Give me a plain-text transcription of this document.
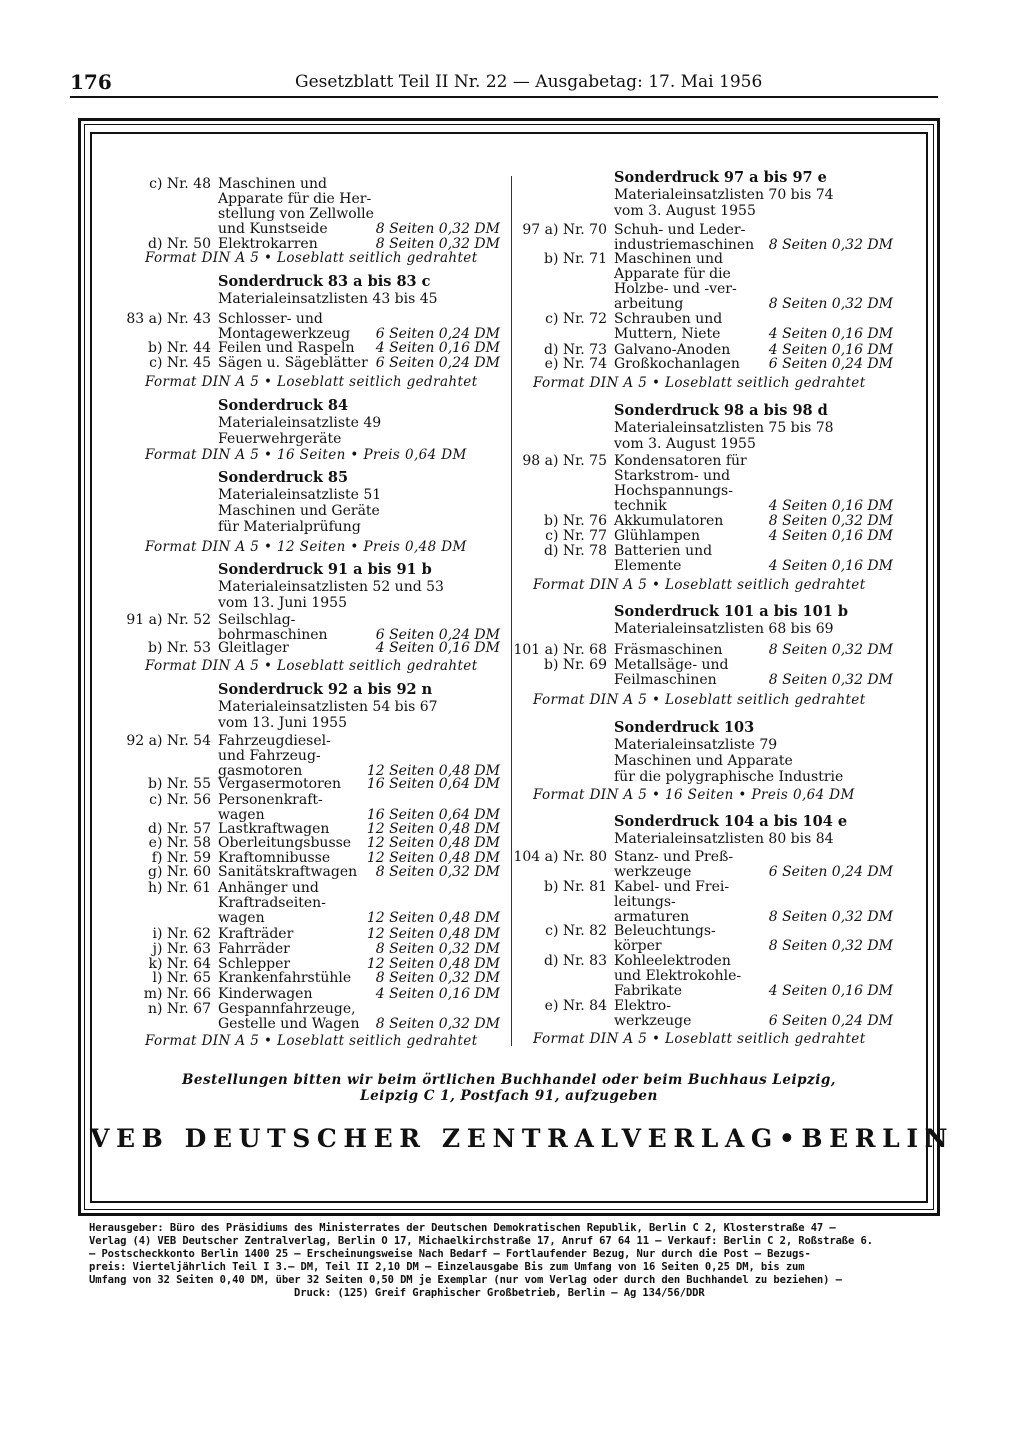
176	Gesetzblatt Teil II Nr. 22 — Ausgabetag: 17. Mai 1956
c) Nr. 48 Maschinen und
Apparate für die Her-
stellung von Zellwolle
und Kunstseide	8 Seiten 0,32 DM
d) Nr. 50 Elektrokarren	8 Seiten 0,32 DM
Format DIN A 5 • Loseblatt seitlich gedrahtet
Sonderdruck 83 a bis 83 c
Materialeinsatzlisten 43 bis 45
83 a) Nr. 43 Schlosser- und
Montagewerkzeug 6 Seiten 0,24 DM
b) Nr. 44 Feilen und Raspeln 4 Seiten 0,16 DM
c) Nr. 45 Sägen u. Sägeblätter 6 Seiten 0,24 DM
Format DIN A 5 • Loseblatt seitlich gedrahtet
Sonderdruck 84
Materialeinsatzliste 49
Feuerwehrgeräte
Format DIN A 5 • 16 Seiten • Preis 0,64 DM
Sonderdruck 85
Materialeinsatzliste 51
Maschinen und Geräte
für Materialprüfung
Format DIN A 5 • 12 Seiten • Preis 0,48 DM
Sonderdruck 91 a bis 91 b
Materialeinsatzlisten 52 und 53
vom 13. Juni 1955
91 a) Nr. 52 Seilschlag-
bohrmaschinen	6 Seiten 0,24 DM
b) Nr. 53 Gleitlager	4 Seiten 0,16 DM
Format DIN A 5 • Loseblatt seitlich gedrahtet
Sonderdruck 92 a bis 92 n
Materialeinsatzlisten 54 bis 67
vom 13. Juni 1955
92 a) Nr. 54 Fahrzeugdiesel-
und Fahrzeug-
gasmotoren	12 Seiten 0,48 DM
b) Nr. 55 Vergasermotoren 16 Seiten 0,64 DM
c) Nr. 56 Personenkraft-
wagen	16 Seiten 0,64 DM
d) Nr. 57 Lastkraftwagen	12 Seiten 0,48 DM
e) Nr. 58 Oberleitungsbusse 12 Seiten 0,48 DM
f) Nr. 59 Kraftomnibusse	12 Seiten 0,48 DM
g) Nr. 60 Sanitätskraftwagen 8 Seiten 0,32 DM
h) Nr. 61 Anhänger und
Kraftradseiten-
wagen	12 Seiten 0,48 DM
i) Nr. 62 Krafträder	12 Seiten 0,48 DM
j) Nr. 63 Fahrräder	8 Seiten 0,32 DM
k) Nr. 64 Schlepper	12 Seiten 0,48 DM
l) Nr. 65 Krankenfahrstühle 8 Seiten 0,32 DM
m) Nr. 66 Kinderwagen	4 Seiten 0,16 DM
n) Nr. 67 Gespannfahrzeuge,
Gestelle und Wagen 8 Seiten 0,32 DM
Format DIN A 5 • Loseblatt seitlich gedrahtet
Sonderdruck 97 a bis 97 e
Materialeinsatzlisten 70 bis 74
vom 3. August 1955
97 a) Nr. 70 Schuh- und Leder-
industriemaschinen 8 Seiten 0,32 DM
b) Nr. 71 Maschinen und
Apparate für die
Holzbe- und -ver-
arbeitung	8 Seiten 0,32 DM
c) Nr. 72 Schrauben und
Muttern, Niete	4 Seiten 0,16 DM
d) Nr. 73 Galvano-Anoden	4 Seiten 0,16 DM
e) Nr. 74 Großkochanlagen 6 Seiten 0,24 DM
Format DIN A 5 • Loseblatt seitlich gedrahtet
Sonderdruck 98 a bis 98 d
Materialeinsatzlisten 75 bis 78
vom 3. August 1955
98 a) Nr. 75 Kondensatoren für
Starkstrom- und
Hochspannungs-
technik	4 Seiten 0,16 DM
b) Nr. 76 Akkumulatoren	8 Seiten 0,32 DM
c) Nr. 77 Glühlampen	4 Seiten 0,16 DM
d) Nr. 78 Batterien und
Elemente	4 Seiten 0,16 DM
Format DIN A 5 • Loseblatt seitlich gedrahtet
Sonderdruck 101 a bis 101 b
Materialeinsatzlisten 68 bis 69
101 a) Nr. 68 Fräsmaschinen	8 Seiten 0,32 DM
b) Nr. 69 Metallsäge- und
Feilmaschinen	8 Seiten 0,32 DM
Format DIN A 5 • Loseblatt seitlich gedrahtet
Sonderdruck 103
Materialeinsatzliste 79
Maschinen und Apparate
für die polygraphische Industrie
Format DIN A 5 • 16 Seiten • Preis 0,64 DM
Sonderdruck 104 a bis 104 e
Materialeinsatzlisten 80 bis 84
104 a) Nr. 80 Stanz- und Preß-
werkzeuge	6 Seiten 0,24 DM
b) Nr. 81 Kabel- und Frei-
leitungs-
armaturen	8 Seiten 0,32 DM
c) Nr. 82 Beleuchtungs-
körper	8 Seiten 0,32 DM
d) Nr. 83 Kohleelektroden
und Elektrokohle-
Fabrikate	4 Seiten 0,16 DM
e) Nr. 84 Elektro-
werkzeuge	6 Seiten 0,24 DM
Format DIN A 5 • Loseblatt seitlich gedrahtet
Bestellungen bitten wir beim örtlichen Buchhandel oder beim Buchhaus Leipzig,
Leipzig C 1, Postfach 91, aufzugeben
VEB DEUTSCHER ZENTRALVERLAG•BERLIN
Herausgeber: Büro des Präsidiums des Ministerrates der Deutschen Demokratischen Republik, Berlin C 2, Klosterstraße 47 —
Verlag (4) VEB Deutscher Zentralverlag, Berlin O 17, Michaelkirchstraße 17, Anruf 67 64 11 — Verkauf: Berlin C 2, Roßstraße 6.
— Postscheckkonto Berlin 1400 25 — Erscheinungsweise Nach Bedarf — Fortlaufender Bezug, Nur durch die Post — Bezugs-
preis: Vierteljährlich Teil I 3.— DM, Teil II 2,10 DM — Einzelausgabe Bis zum Umfang von 16 Seiten 0,25 DM, bis zum
Umfang von 32 Seiten 0,40 DM, über 32 Seiten 0,50 DM je Exemplar (nur vom Verlag oder durch den Buchhandel zu beziehen) —
Druck: (125) Greif Graphischer Großbetrieb, Berlin — Ag 134/56/DDR
